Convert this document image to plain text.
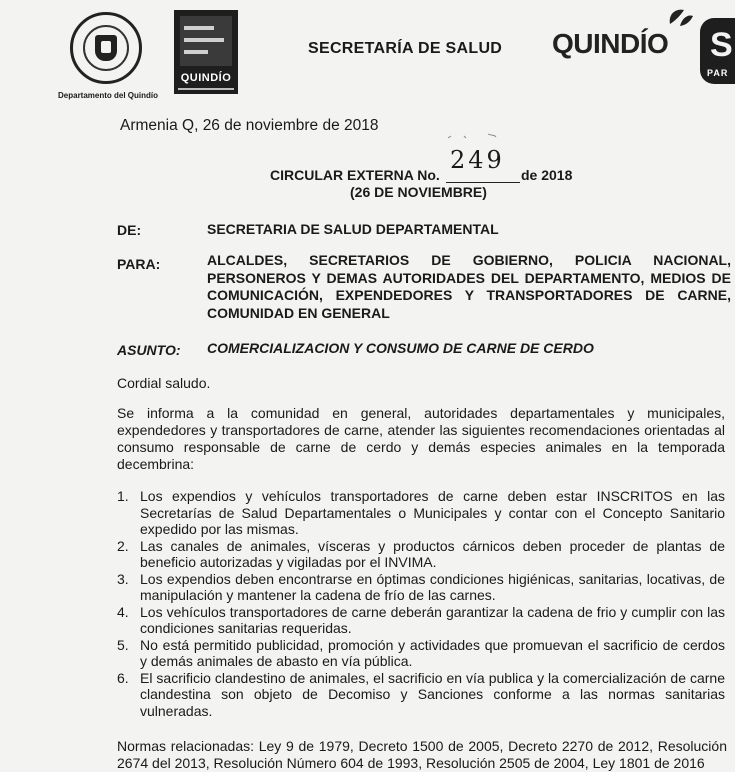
Departamento del Quindío
QUINDÍO
SECRETARÍA DE SALUD QUINDÍO S
PAR
Armenia Q, 26 de noviembre de 2018
CIRCULAR EXTERNA No.
249
de 2018
(26 DE NOVIEMBRE)
DE:	SECRETARIA DE SALUD DEPARTAMENTAL
PARA:	ALCALDES, SECRETARIOS DE GOBIERNO, POLICIA NACIONAL, PERSONEROS Y DEMAS AUTORIDADES DEL DEPARTAMENTO, MEDIOS DE COMUNICACIÓN, EXPENDEDORES Y TRANSPORTADORES DE CARNE, COMUNIDAD EN GENERAL
ASUNTO: COMERCIALIZACION Y CONSUMO DE CARNE DE CERDO
Cordial saludo.
Se informa a la comunidad en general, autoridades departamentales y municipales, expendedores y transportadores de carne, atender las siguientes recomendaciones orientadas al consumo responsable de carne de cerdo y demás especies animales en la temporada decembrina:
1. Los expendios y vehículos transportadores de carne deben estar INSCRITOS en las Secretarías de Salud Departamentales o Municipales y contar con el Concepto Sanitario expedido por las mismas.
2. Las canales de animales, vísceras y productos cárnicos deben proceder de plantas de beneficio autorizadas y vigiladas por el INVIMA.
3. Los expendios deben encontrarse en óptimas condiciones higiénicas, sanitarias, locativas, de manipulación y mantener la cadena de frío de las carnes.
4. Los vehículos transportadores de carne deberán garantizar la cadena de frio y cumplir con las condiciones sanitarias requeridas.
5. No está permitido publicidad, promoción y actividades que promuevan el sacrificio de cerdos y demás animales de abasto en vía pública.
6. El sacrificio clandestino de animales, el sacrificio en vía publica y la comercialización de carne clandestina son objeto de Decomiso y Sanciones conforme a las normas sanitarias vulneradas.
Normas relacionadas: Ley 9 de 1979, Decreto 1500 de 2005, Decreto 2270 de 2012, Resolución 2674 del 2013, Resolución Número 604 de 1993, Resolución 2505 de 2004, Ley 1801 de 2016
